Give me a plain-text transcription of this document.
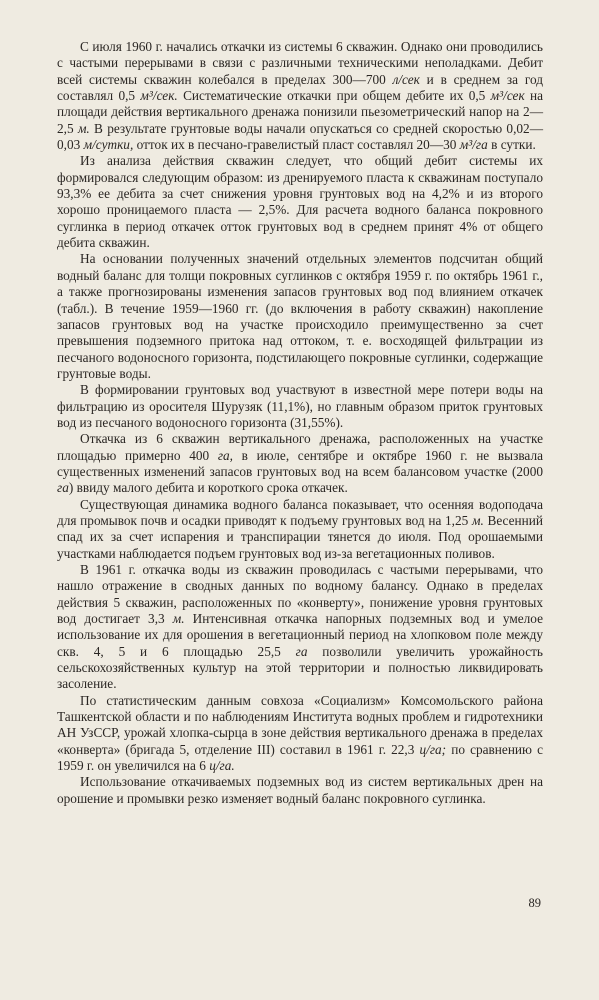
С июля 1960 г. начались откачки из системы 6 скважин. Однако они проводились с частыми перерывами в связи с различными техническими неполадками. Дебит всей системы скважин колебался в пределах 300—700 л/сек и в среднем за год составлял 0,5 м³/сек. Систематические откачки при общем дебите их 0,5 м³/сек на площади действия вертикального дренажа понизили пьезометрический напор на 2—2,5 м. В результате грунтовые воды начали опускаться со средней скоростью 0,02—0,03 м/сутки, отток их в песчано-гравелистый пласт составлял 20—30 м³/га в сутки.

Из анализа действия скважин следует, что общий дебит системы их формировался следующим образом: из дренируемого пласта к скважинам поступало 93,3% ее дебита за счет снижения уровня грунтовых вод на 4,2% и из второго хорошо проницаемого пласта — 2,5%. Для расчета водного баланса покровного суглинка в период откачек отток грунтовых вод в среднем принят 4% от общего дебита скважин.

На основании полученных значений отдельных элементов подсчитан общий водный баланс для толщи покровных суглинков с октября 1959 г. по октябрь 1961 г., а также прогнозированы изменения запасов грунтовых вод под влиянием откачек (табл.). В течение 1959—1960 гг. (до включения в работу скважин) накопление запасов грунтовых вод на участке происходило преимущественно за счет превышения подземного притока над оттоком, т. е. восходящей фильтрации из песчаного водоносного горизонта, подстилающего покровные суглинки, содержащие грунтовые воды.

В формировании грунтовых вод участвуют в известной мере потери воды на фильтрацию из оросителя Шурузяк (11,1%), но главным образом приток грунтовых вод из песчаного водоносного горизонта (31,55%).

Откачка из 6 скважин вертикального дренажа, расположенных на участке площадью примерно 400 га, в июле, сентябре и октябре 1960 г. не вызвала существенных изменений запасов грунтовых вод на всем балансовом участке (2000 га) ввиду малого дебита и короткого срока откачек.

Существующая динамика водного баланса показывает, что осенняя водоподача для промывок почв и осадки приводят к подъему грунтовых вод на 1,25 м. Весенний спад их за счет испарения и транспирации тянется до июля. Под орошаемыми участками наблюдается подъем грунтовых вод из-за вегетационных поливов.

В 1961 г. откачка воды из скважин проводилась с частыми перерывами, что нашло отражение в сводных данных по водному балансу. Однако в пределах действия 5 скважин, расположенных по «конверту», понижение уровня грунтовых вод достигает 3,3 м. Интенсивная откачка напорных подземных вод и умелое использование их для орошения в вегетационный период на хлопковом поле между скв. 4, 5 и 6 площадью 25,5 га позволили увеличить урожайность сельскохозяйственных культур на этой территории и полностью ликвидировать засоление.

По статистическим данным совхоза «Социализм» Комсомольского района Ташкентской области и по наблюдениям Института водных проблем и гидротехники АН УзССР, урожай хлопка-сырца в зоне действия вертикального дренажа в пределах «конверта» (бригада 5, отделение III) составил в 1961 г. 22,3 ц/га; по сравнению с 1959 г. он увеличился на 6 ц/га.

Использование откачиваемых подземных вод из систем вертикальных дрен на орошение и промывки резко изменяет водный баланс покровного суглинка.

89
